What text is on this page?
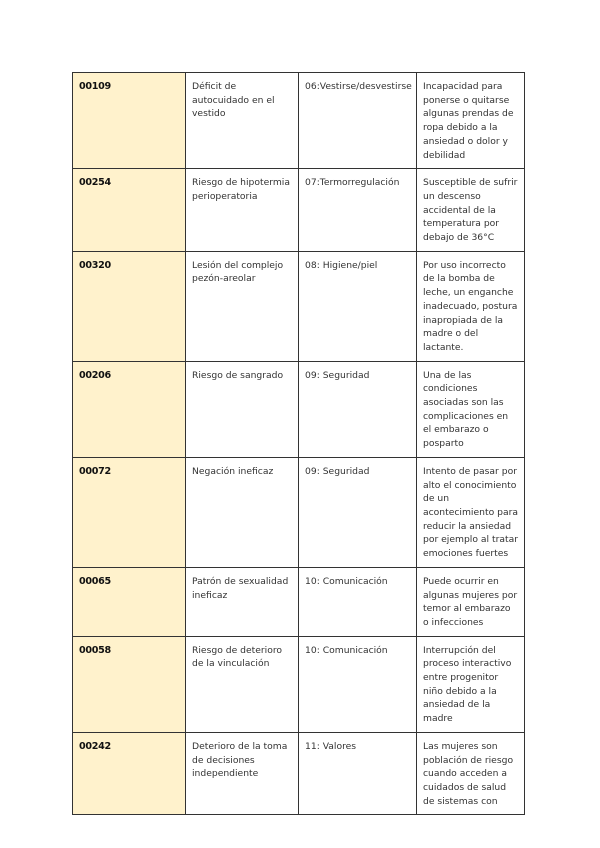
00109	Déficit de autocuidado en el vestido	06:Vestirse/desvestirse	Incapacidad para ponerse o quitarse algunas prendas de ropa debido a la ansiedad o dolor y debilidad
00254	Riesgo de hipotermia perioperatoria	07:Termorregulación	Susceptible de sufrir un descenso accidental de la temperatura por debajo de 36°C
00320	Lesión del complejo pezón-areolar	08: Higiene/piel	Por uso incorrecto de la bomba de leche, un enganche inadecuado, postura inapropiada de la madre o del lactante.
00206	Riesgo de sangrado	09: Seguridad	Una de las condiciones asociadas son las complicaciones en el embarazo o posparto
00072	Negación ineficaz	09: Seguridad	Intento de pasar por alto el conocimiento de un acontecimiento para reducir la ansiedad por ejemplo al tratar emociones fuertes
00065	Patrón de sexualidad ineficaz	10: Comunicación	Puede ocurrir en algunas mujeres por temor al embarazo o infecciones
00058	Riesgo de deterioro de la vinculación	10: Comunicación	Interrupción del proceso interactivo entre progenitor niño debido a la ansiedad de la madre
00242	Deterioro de la toma de decisiones independiente	11: Valores	Las mujeres son población de riesgo cuando acceden a cuidados de salud de sistemas con
